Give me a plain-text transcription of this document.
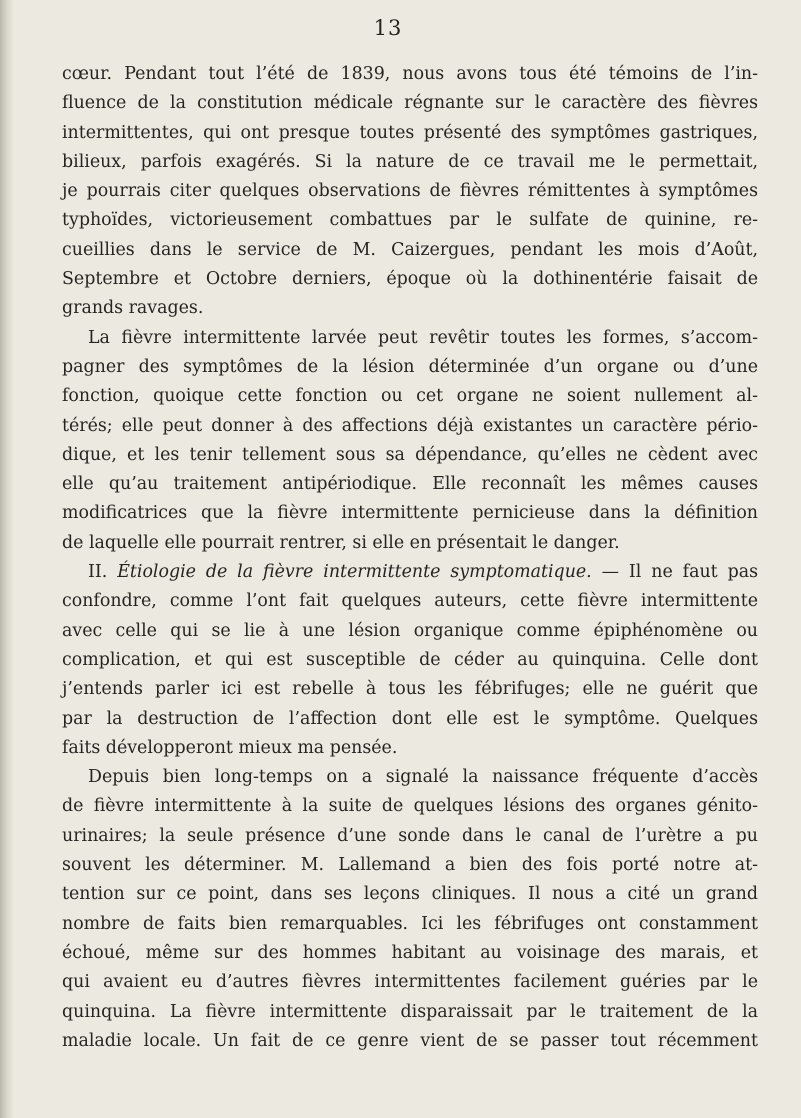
13
cœur. Pendant tout l’été de 1839, nous avons tous été témoins de l’in-
fluence de la constitution médicale régnante sur le caractère des fièvres
intermittentes, qui ont presque toutes présenté des symptômes gastriques,
bilieux, parfois exagérés. Si la nature de ce travail me le permettait,
je pourrais citer quelques observations de fièvres rémittentes à symptômes
typhoïdes, victorieusement combattues par le sulfate de quinine, re-
cueillies dans le service de M. Caizergues, pendant les mois d’Août,
Septembre et Octobre derniers, époque où la dothinentérie faisait de
grands ravages.
La fièvre intermittente larvée peut revêtir toutes les formes, s’accom-
pagner des symptômes de la lésion déterminée d’un organe ou d’une
fonction, quoique cette fonction ou cet organe ne soient nullement al-
térés; elle peut donner à des affections déjà existantes un caractère pério-
dique, et les tenir tellement sous sa dépendance, qu’elles ne cèdent avec
elle qu’au traitement antipériodique. Elle reconnaît les mêmes causes
modificatrices que la fièvre intermittente pernicieuse dans la définition
de laquelle elle pourrait rentrer, si elle en présentait le danger.
II. Étiologie de la fièvre intermittente symptomatique. — Il ne faut pas
confondre, comme l’ont fait quelques auteurs, cette fièvre intermittente
avec celle qui se lie à une lésion organique comme épiphénomène ou
complication, et qui est susceptible de céder au quinquina. Celle dont
j’entends parler ici est rebelle à tous les fébrifuges; elle ne guérit que
par la destruction de l’affection dont elle est le symptôme. Quelques
faits développeront mieux ma pensée.
Depuis bien long-temps on a signalé la naissance fréquente d’accès
de fièvre intermittente à la suite de quelques lésions des organes génito-
urinaires; la seule présence d’une sonde dans le canal de l’urètre a pu
souvent les déterminer. M. Lallemand a bien des fois porté notre at-
tention sur ce point, dans ses leçons cliniques. Il nous a cité un grand
nombre de faits bien remarquables. Ici les fébrifuges ont constamment
échoué, même sur des hommes habitant au voisinage des marais, et
qui avaient eu d’autres fièvres intermittentes facilement guéries par le
quinquina. La fièvre intermittente disparaissait par le traitement de la
maladie locale. Un fait de ce genre vient de se passer tout récemment
